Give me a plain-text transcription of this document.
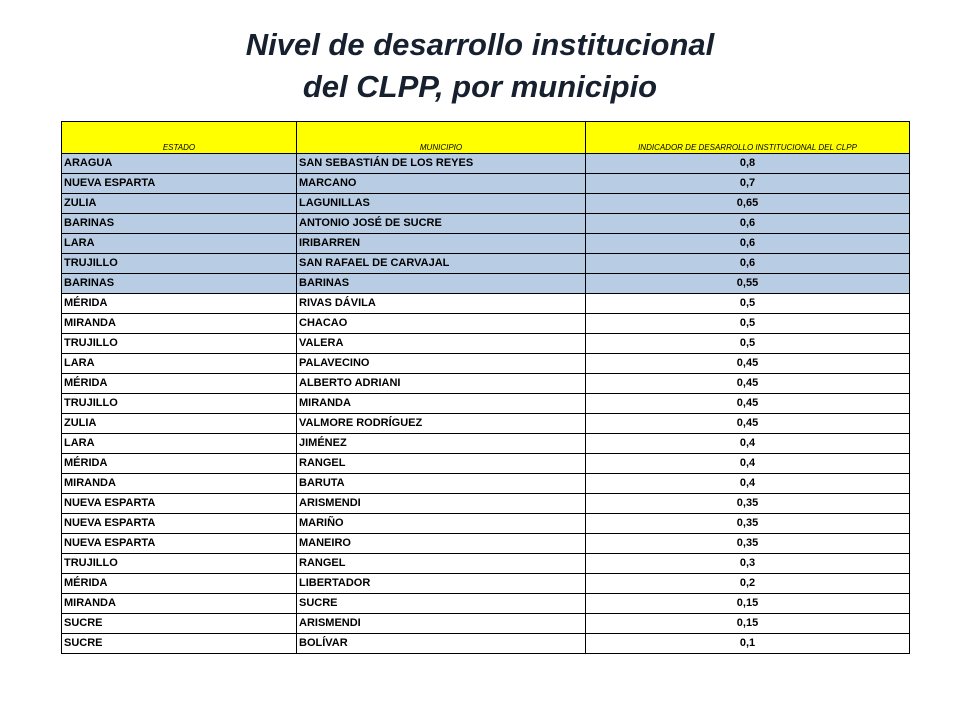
Nivel de desarrollo institucional
del CLPP, por municipio
ESTADO	MUNICIPIO	INDICADOR DE DESARROLLO INSTITUCIONAL DEL CLPP
ARAGUA	SAN SEBASTIÁN DE LOS REYES	0,8
NUEVA ESPARTA	MARCANO	0,7
ZULIA	LAGUNILLAS	0,65
BARINAS	ANTONIO JOSÉ DE SUCRE	0,6
LARA	IRIBARREN	0,6
TRUJILLO	SAN RAFAEL DE CARVAJAL	0,6
BARINAS	BARINAS	0,55
MÉRIDA	RIVAS DÁVILA	0,5
MIRANDA	CHACAO	0,5
TRUJILLO	VALERA	0,5
LARA	PALAVECINO	0,45
MÉRIDA	ALBERTO ADRIANI	0,45
TRUJILLO	MIRANDA	0,45
ZULIA	VALMORE RODRÍGUEZ	0,45
LARA	JIMÉNEZ	0,4
MÉRIDA	RANGEL	0,4
MIRANDA	BARUTA	0,4
NUEVA ESPARTA	ARISMENDI	0,35
NUEVA ESPARTA	MARIÑO	0,35
NUEVA ESPARTA	MANEIRO	0,35
TRUJILLO	RANGEL	0,3
MÉRIDA	LIBERTADOR	0,2
MIRANDA	SUCRE	0,15
SUCRE	ARISMENDI	0,15
SUCRE	BOLÍVAR	0,1
